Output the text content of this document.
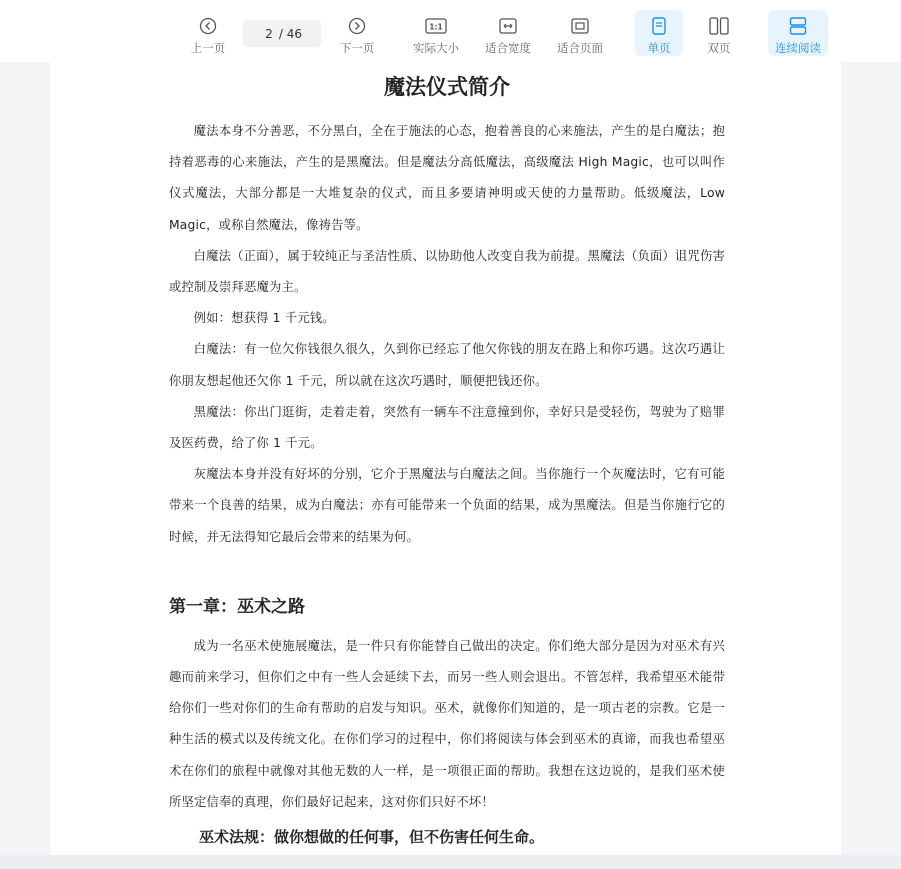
上一页
2
/ 46
下一页
1:1
实际大小 适合宽度 适合页面	单页	双页	连续阅读
魔法仪式简介

魔法本身不分善恶，不分黑白，全在于施法的心态，抱着善良的心来施法，产生的是白魔法；抱持着恶毒的心来施法，产生的是黑魔法。但是魔法分高低魔法，高级魔法 High Magic，也可以叫作仪式魔法，大部分都是一大堆复杂的仪式，而且多要请神明或天使的力量帮助。低级魔法，Low Magic，或称自然魔法，像祷告等。

白魔法（正面），属于较纯正与圣洁性质、以协助他人改变自我为前提。黑魔法（负面）诅咒伤害或控制及崇拜恶魔为主。

例如：想获得 1 千元钱。

白魔法：有一位欠你钱很久很久，久到你已经忘了他欠你钱的朋友在路上和你巧遇。这次巧遇让你朋友想起他还欠你 1 千元，所以就在这次巧遇时，顺便把钱还你。

黑魔法：你出门逛街，走着走着，突然有一辆车不注意撞到你，幸好只是受轻伤，驾驶为了赔罪及医药费，给了你 1 千元。

灰魔法本身并没有好坏的分别，它介于黑魔法与白魔法之间。当你施行一个灰魔法时，它有可能带来一个良善的结果，成为白魔法；亦有可能带来一个负面的结果，成为黑魔法。但是当你施行它的时候，并无法得知它最后会带来的结果为何。

第一章：巫术之路

成为一名巫术使施展魔法，是一件只有你能替自己做出的决定。你们绝大部分是因为对巫术有兴趣而前来学习，但你们之中有一些人会延续下去，而另一些人则会退出。不管怎样，我希望巫术能带给你们一些对你们的生命有帮助的启发与知识。巫术，就像你们知道的，是一项古老的宗教。它是一种生活的模式以及传统文化。在你们学习的过程中，你们将阅读与体会到巫术的真谛，而我也希望巫术在你们的旅程中就像对其他无数的人一样，是一项很正面的帮助。我想在这边说的，是我们巫术使所坚定信奉的真理，你们最好记起来，这对你们只好不坏！

巫术法规：做你想做的任何事，但不伤害任何生命。
